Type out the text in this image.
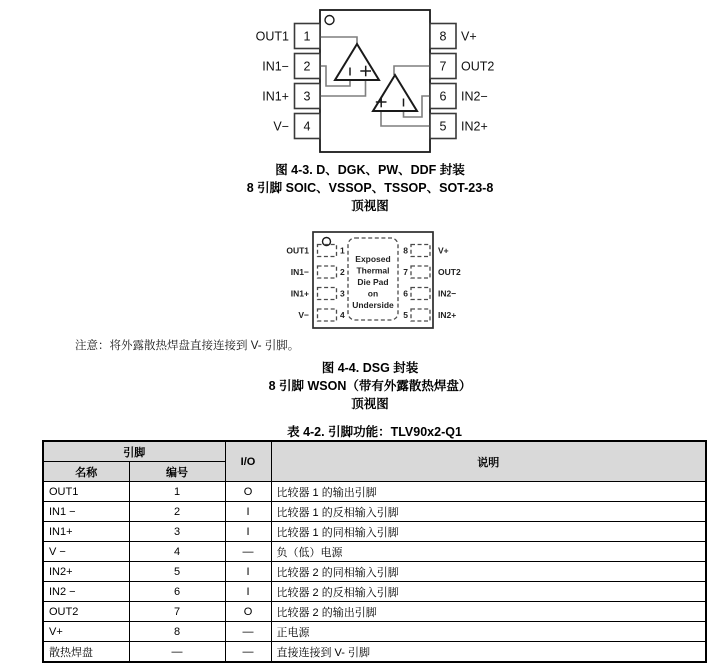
1
2
3
4
8
7
6
5
OUT1
IN1−
IN1+
V−
V+
OUT2
IN2−
IN2+
图 4-3. D、DGK、PW、DDF 封装
8 引脚 SOIC、VSSOP、TSSOP、SOT-23-8
顶视图
Exposed
Thermal
Die Pad
on
Underside
1
2
3
4
8
7
6
5
OUT1
IN1−
IN1+
V−
V+
OUT2
IN2−
IN2+
注意：将外露散热焊盘直接连接到 V- 引脚。
图 4-4. DSG 封装
8 引脚 WSON（带有外露散热焊盘）
顶视图
表 4-2. 引脚功能：TLV90x2-Q1
引脚		I/O	说明
名称	编号		
OUT1	1	O	比较器 1 的输出引脚
IN1 −	2	I	比较器 1 的反相输入引脚
IN1+	3	I	比较器 1 的同相输入引脚
V −	4	—	负（低）电源
IN2+	5	I	比较器 2 的同相输入引脚
IN2 −	6	I	比较器 2 的反相输入引脚
OUT2	7	O	比较器 2 的输出引脚
V+	8	—	正电源
散热焊盘	—	—	直接连接到 V- 引脚
